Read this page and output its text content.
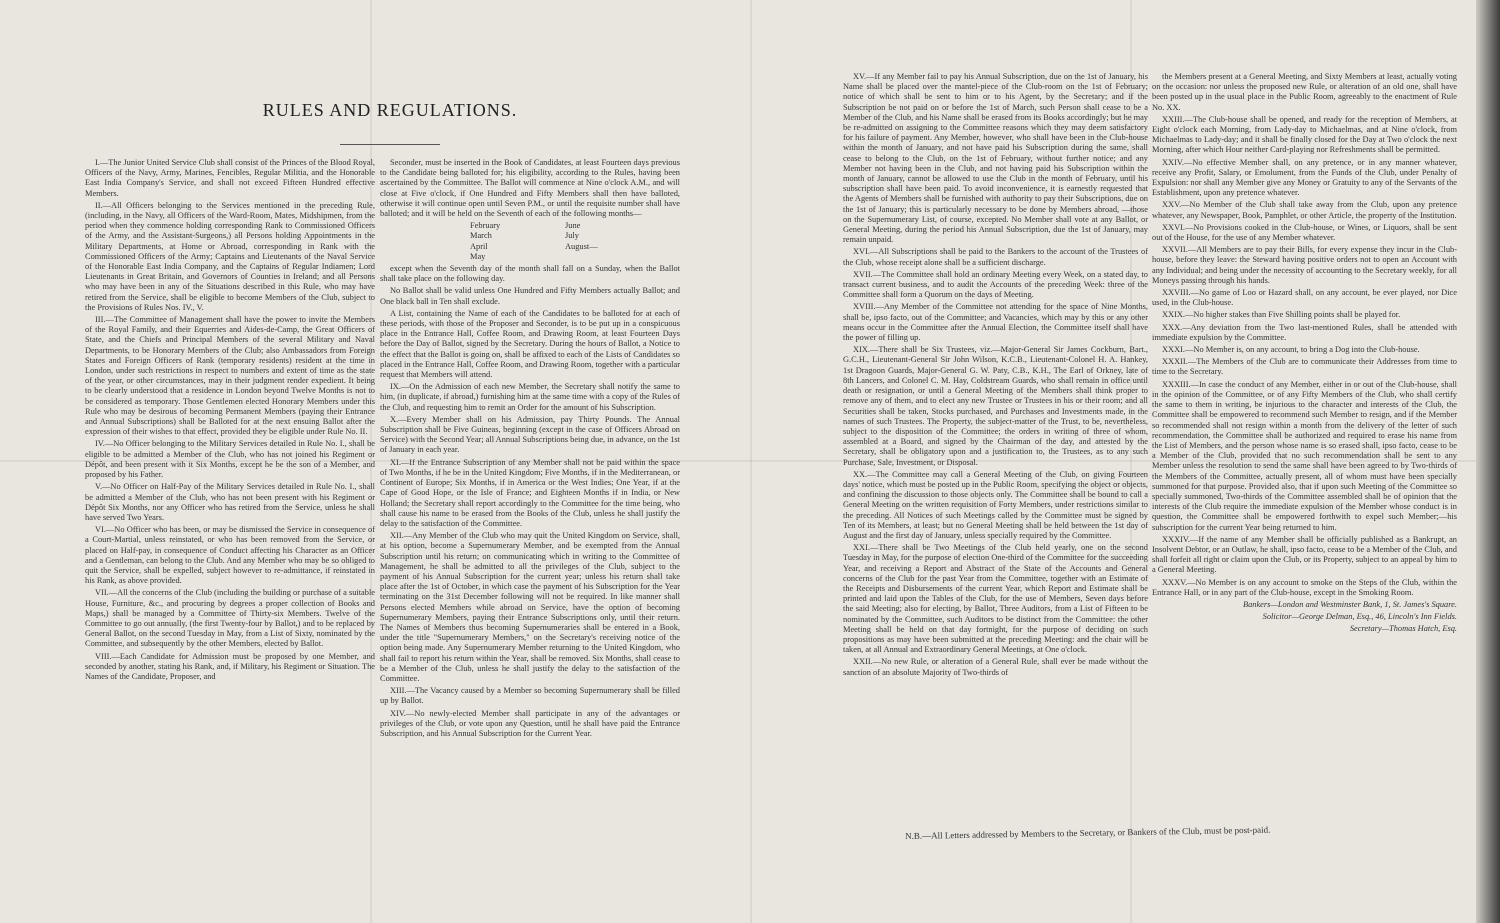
RULES AND REGULATIONS.

I.—The Junior United Service Club shall consist of the Princes of the Blood Royal, Officers of the Navy, Army, Marines, Fencibles, Regular Militia, and the Honorable East India Company's Service, and shall not exceed Fifteen Hundred effective Members.

II.—All Officers belonging to the Services mentioned in the preceding Rule, (including, in the Navy, all Officers of the Ward-Room, Mates, Midshipmen, from the period when they commence holding corresponding Rank to Commissioned Officers of the Army, and the Assistant-Surgeons,) all Persons holding Appointments in the Military Departments, at Home or Abroad, corresponding in Rank with the Commissioned Officers of the Army; Captains and Lieutenants of the Naval Service of the Honorable East India Company, and the Captains of Regular Indiamen; Lord Lieutenants in Great Britain, and Governors of Counties in Ireland; and all Persons who may have been in any of the Situations described in this Rule, who may have retired from the Service, shall be eligible to become Members of the Club, subject to the Provisions of Rules Nos. IV., V.

III.—The Committee of Management shall have the power to invite the Members of the Royal Family, and their Equerries and Aides-de-Camp, the Great Officers of State, and the Chiefs and Principal Members of the several Military and Naval Departments, to be Honorary Members of the Club; also Ambassadors from Foreign States and Foreign Officers of Rank (temporary residents) resident at the time in London, under such restrictions in respect to numbers and extent of time as the state of the year, or other circumstances, may in their judgment render expedient. It being to be clearly understood that a residence in London beyond Twelve Months is not to be considered as temporary. Those Gentlemen elected Honorary Members under this Rule who may be desirous of becoming Permanent Members (paying their Entrance and Annual Subscriptions) shall be Balloted for at the next ensuing Ballot after the expression of their wishes to that effect, provided they be eligible under Rule No. II.

IV.—No Officer belonging to the Military Services detailed in Rule No. I., shall be eligible to be admitted a Member of the Club, who has not joined his Regiment or Dépôt, and been present with it Six Months, except he be the son of a Member, and proposed by his Father.

V.—No Officer on Half-Pay of the Military Services detailed in Rule No. I., shall be admitted a Member of the Club, who has not been present with his Regiment or Dépôt Six Months, nor any Officer who has retired from the Service, unless he shall have served Two Years.

VI.—No Officer who has been, or may be dismissed the Service in consequence of a Court-Martial, unless reinstated, or who has been removed from the Service, or placed on Half-pay, in consequence of Conduct affecting his Character as an Officer and a Gentleman, can belong to the Club. And any Member who may be so obliged to quit the Service, shall be expelled, subject however to re-admittance, if reinstated in his Rank, as above provided.

VII.—All the concerns of the Club (including the building or purchase of a suitable House, Furniture, &c., and procuring by degrees a proper collection of Books and Maps,) shall be managed by a Committee of Thirty-six Members. Twelve of the Committee to go out annually, (the first Twenty-four by Ballot,) and to be replaced by General Ballot, on the second Tuesday in May, from a List of Sixty, nominated by the Committee, and subsequently by the other Members, elected by Ballot.

VIII.—Each Candidate for Admission must be proposed by one Member, and seconded by another, stating his Rank, and, if Military, his Regiment or Situation. The Names of the Candidate, Proposer, and

Seconder, must be inserted in the Book of Candidates, at least Fourteen days previous to the Candidate being balloted for; his eligibility, according to the Rules, having been ascertained by the Committee. The Ballot will commence at Nine o'clock A.M., and will close at Five o'clock, if One Hundred and Fifty Members shall then have balloted, otherwise it will continue open until Seven P.M., or until the requisite number shall have balloted; and it will be held on the Seventh of each of the following months—

February	June
March	July
April	August—
May

except when the Seventh day of the month shall fall on a Sunday, when the Ballot shall take place on the following day.

No Ballot shall be valid unless One Hundred and Fifty Members actually Ballot; and One black ball in Ten shall exclude.

A List, containing the Name of each of the Candidates to be balloted for at each of these periods, with those of the Proposer and Seconder, is to be put up in a conspicuous place in the Entrance Hall, Coffee Room, and Drawing Room, at least Fourteen Days before the Day of Ballot, signed by the Secretary. During the hours of Ballot, a Notice to the effect that the Ballot is going on, shall be affixed to each of the Lists of Candidates so placed in the Entrance Hall, Coffee Room, and Drawing Room, together with a particular request that Members will attend.

IX.—On the Admission of each new Member, the Secretary shall notify the same to him, (in duplicate, if abroad,) furnishing him at the same time with a copy of the Rules of the Club, and requesting him to remit an Order for the amount of his Subscription.

X.—Every Member shall on his Admission, pay Thirty Pounds. The Annual Subscription shall be Five Guineas, beginning (except in the case of Officers Abroad on Service) with the Second Year; all Annual Subscriptions being due, in advance, on the 1st of January in each year.

XI.—If the Entrance Subscription of any Member shall not be paid within the space of Two Months, if he be in the United Kingdom; Five Months, if in the Mediterranean, or Continent of Europe; Six Months, if in America or the West Indies; One Year, if at the Cape of Good Hope, or the Isle of France; and Eighteen Months if in India, or New Holland; the Secretary shall report accordingly to the Committee for the time being, who shall cause his name to be erased from the Books of the Club, unless he shall justify the delay to the satisfaction of the Committee.

XII.—Any Member of the Club who may quit the United Kingdom on Service, shall, at his option, become a Supernumerary Member, and be exempted from the Annual Subscription until his return; on communicating which in writing to the Committee of Management, he shall be admitted to all the privileges of the Club, subject to the payment of his Annual Subscription for the current year; unless his return shall take place after the 1st of October, in which case the payment of his Subscription for the Year terminating on the 31st December following will not be required. In like manner shall Persons elected Members while abroad on Service, have the option of becoming Supernumerary Members, paying their Entrance Subscriptions only, until their return. The Names of Members thus becoming Supernumeraries shall be entered in a Book, under the title "Supernumerary Members," on the Secretary's receiving notice of the option being made. Any Supernumerary Member returning to the United Kingdom, who shall fail to report his return within the Year, shall be removed. Six Months, shall cease to be a Member of the Club, unless he shall justify the delay to the satisfaction of the Committee.

XIII.—The Vacancy caused by a Member so becoming Supernumerary shall be filled up by Ballot.

XIV.—No newly-elected Member shall participate in any of the advantages or privileges of the Club, or vote upon any Question, until he shall have paid the Entrance Subscription, and his Annual Subscription for the Current Year.

XV.—If any Member fail to pay his Annual Subscription, due on the 1st of January, his Name shall be placed over the mantel-piece of the Club-room on the 1st of February; notice of which shall be sent to him or to his Agent, by the Secretary; and if the Subscription be not paid on or before the 1st of March, such Person shall cease to be a Member of the Club, and his Name shall be erased from its Books accordingly; but he may be re-admitted on assigning to the Committee reasons which they may deem satisfactory for his failure of payment. Any Member, however, who shall have been in the Club-house within the month of January, and not have paid his Subscription during the same, shall cease to belong to the Club, on the 1st of February, without further notice; and any Member not having been in the Club, and not having paid his Subscription within the month of January, cannot be allowed to use the Club in the month of February, until his subscription shall have been paid. To avoid inconvenience, it is earnestly requested that the Agents of Members shall be furnished with authority to pay their Subscriptions, due on the 1st of January; this is particularly necessary to be done by Members abroad, —those on the Supernumerary List, of course, excepted. No Member shall vote at any Ballot, or General Meeting, during the period his Annual Subscription, due the 1st of January, may remain unpaid.

XVI.—All Subscriptions shall be paid to the Bankers to the account of the Trustees of the Club, whose receipt alone shall be a sufficient discharge.

XVII.—The Committee shall hold an ordinary Meeting every Week, on a stated day, to transact current business, and to audit the Accounts of the preceding Week: three of the Committee shall form a Quorum on the days of Meeting.

XVIII.—Any Member of the Committee not attending for the space of Nine Months, shall be, ipso facto, out of the Committee; and Vacancies, which may by this or any other means occur in the Committee after the Annual Election, the Committee itself shall have the power of filling up.

XIX.—There shall be Six Trustees, viz.—Major-General Sir James Cockburn, Bart., G.C.H., Lieutenant-General Sir John Wilson, K.C.B., Lieutenant-Colonel H. A. Hankey, 1st Dragoon Guards, Major-General G. W. Paty, C.B., K.H., The Earl of Orkney, late of 8th Lancers, and Colonel C. M. Hay, Coldstream Guards, who shall remain in office until death or resignation, or until a General Meeting of the Members shall think proper to remove any of them, and to elect any new Trustee or Trustees in his or their room; and all Securities shall be taken, Stocks purchased, and Purchases and Investments made, in the names of such Trustees. The Property, the subject-matter of the Trust, to be, nevertheless, subject to the disposition of the Committee; the orders in writing of three of whom, assembled at a Board, and signed by the Chairman of the day, and attested by the Secretary, shall be obligatory upon and a justification to, the Trustees, as to any such Purchase, Sale, Investment, or Disposal.

XX.—The Committee may call a General Meeting of the Club, on giving Fourteen days' notice, which must be posted up in the Public Room, specifying the object or objects, and confining the discussion to those objects only. The Committee shall be bound to call a General Meeting on the written requisition of Forty Members, under restrictions similar to the preceding. All Notices of such Meetings called by the Committee must be signed by Ten of its Members, at least; but no General Meeting shall be held between the 1st day of August and the first day of January, unless specially required by the Committee.

XXI.—There shall be Two Meetings of the Club held yearly, one on the second Tuesday in May, for the purpose of election One-third of the Committee for the succeeding Year, and receiving a Report and Abstract of the State of the Accounts and General concerns of the Club for the past Year from the Committee, together with an Estimate of the Receipts and Disbursements of the current Year, which Report and Estimate shall be printed and laid upon the Tables of the Club, for the use of Members, Seven days before the said Meeting; also for electing, by Ballot, Three Auditors, from a List of Fifteen to be nominated by the Committee, such Auditors to be distinct from the Committee: the other Meeting shall be held on that day fortnight, for the purpose of deciding on such propositions as may have been submitted at the preceding Meeting: and the chair will be taken, at all Annual and Extraordinary General Meetings, at One o'clock.

XXII.—No new Rule, or alteration of a General Rule, shall ever be made without the sanction of an absolute Majority of Two-thirds of

the Members present at a General Meeting, and Sixty Members at least, actually voting on the occasion: nor unless the proposed new Rule, or alteration of an old one, shall have been posted up in the usual place in the Public Room, agreeably to the enactment of Rule No. XX.

XXIII.—The Club-house shall be opened, and ready for the reception of Members, at Eight o'clock each Morning, from Lady-day to Michaelmas, and at Nine o'clock, from Michaelmas to Lady-day; and it shall be finally closed for the Day at Two o'clock the next Morning, after which Hour neither Card-playing nor Refreshments shall be permitted.

XXIV.—No effective Member shall, on any pretence, or in any manner whatever, receive any Profit, Salary, or Emolument, from the Funds of the Club, under Penalty of Expulsion: nor shall any Member give any Money or Gratuity to any of the Servants of the Establishment, upon any pretence whatever.

XXV.—No Member of the Club shall take away from the Club, upon any pretence whatever, any Newspaper, Book, Pamphlet, or other Article, the property of the Institution.

XXVI.—No Provisions cooked in the Club-house, or Wines, or Liquors, shall be sent out of the House, for the use of any Member whatever.

XXVII.—All Members are to pay their Bills, for every expense they incur in the Club-house, before they leave: the Steward having positive orders not to open an Account with any Individual; and being under the necessity of accounting to the Secretary weekly, for all Moneys passing through his hands.

XXVIII.—No game of Loo or Hazard shall, on any account, be ever played, nor Dice used, in the Club-house.

XXIX.—No higher stakes than Five Shilling points shall be played for.

XXX.—Any deviation from the Two last-mentioned Rules, shall be attended with immediate expulsion by the Committee.

XXXI.—No Member is, on any account, to bring a Dog into the Club-house.

XXXII.—The Members of the Club are to communicate their Addresses from time to time to the Secretary.

XXXIII.—In case the conduct of any Member, either in or out of the Club-house, shall in the opinion of the Committee, or of any Fifty Members of the Club, who shall certify the same to them in writing, be injurious to the character and interests of the Club, the Committee shall be empowered to recommend such Member to resign, and if the Member so recommended shall not resign within a month from the delivery of the letter of such recommendation, the Committee shall be authorized and required to erase his name from the List of Members, and the person whose name is so erased shall, ipso facto, cease to be a Member of the Club, provided that no such recommendation shall be sent to any Member unless the resolution to send the same shall have been agreed to by Two-thirds of the Members of the Committee, actually present, all of whom must have been specially summoned for that purpose. Provided also, that if upon such Meeting of the Committee so specially summoned, Two-thirds of the Committee assembled shall be of opinion that the interests of the Club require the immediate expulsion of the Member whose conduct is in question, the Committee shall be empowered forthwith to expel such Member;—his subscription for the current Year being returned to him.

XXXIV.—If the name of any Member shall be officially published as a Bankrupt, an Insolvent Debtor, or an Outlaw, he shall, ipso facto, cease to be a Member of the Club, and shall forfeit all right or claim upon the Club, or its Property, subject to an appeal by him to a General Meeting.

XXXV.—No Member is on any account to smoke on the Steps of the Club, within the Entrance Hall, or in any part of the Club-house, except in the Smoking Room.

Bankers—London and Westminster Bank, 1, St. James's Square.
Solicitor—George Delman, Esq., 46, Lincoln's Inn Fields.
Secretary—Thomas Hatch, Esq.
N.B.—All Letters addressed by Members to the Secretary, or Bankers of the Club, must be post-paid.
